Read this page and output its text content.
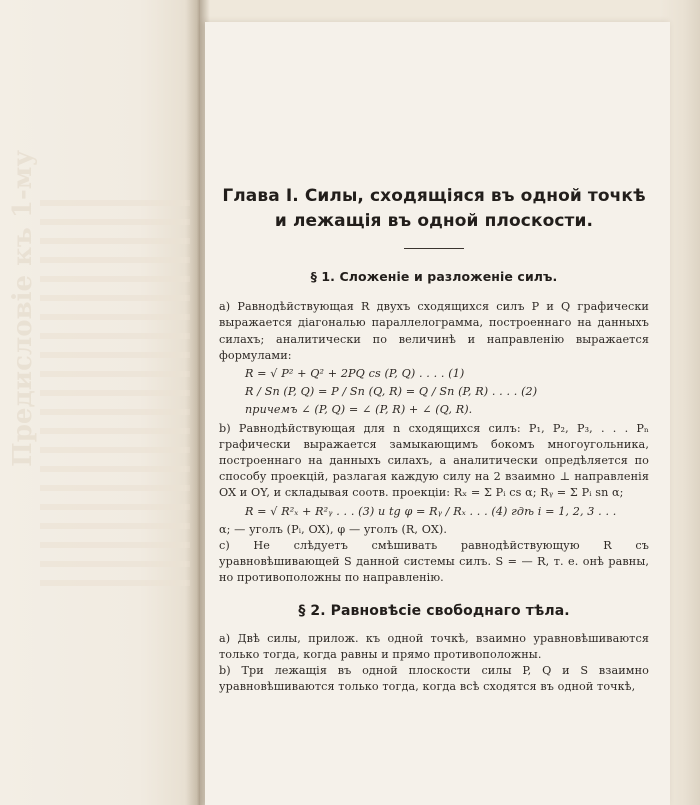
Предисловіе къ 1-му	Глава I. Силы, сходящіяся въ одной точкѣ и лежащія въ одной плоскости.
§ 1. Сложеніе и разложеніе силъ.

a) Равнодѣйствующая R двухъ сходящихся силъ P и Q графически выражается діагональю параллелограмма, построеннаго на данныхъ силахъ; аналитически по величинѣ и направленію выражается формулами:

R = √ P² + Q² + 2PQ cs (P, Q) . . . . (1)
R / Sn (P, Q) = P / Sn (Q, R) = Q / Sn (P, R) . . . . (2)
причемъ ∠ (P, Q) = ∠ (P, R) + ∠ (Q, R).

b) Равнодѣйствующая для n сходящихся силъ: P₁, P₂, P₃, . . . Pₙ графически выражается замыкающимъ бокомъ многоугольника, построеннаго на данныхъ силахъ, а аналитически опредѣляется по способу проекцій, разлагая каждую силу на 2 взаимно ⊥ направленія OX и OY, и складывая соотв. проекціи: Rₓ = Σ Pᵢ cs α; Rᵧ = Σ Pᵢ sn α;

R = √ R²ₓ + R²ᵧ . . . (3) и tg φ = Rᵧ / Rₓ . . . (4) гдѣ i = 1, 2, 3 . . .

α; — уголъ (Pᵢ, OX), φ — уголъ (R, OX).

c) Не слѣдуетъ смѣшивать равнодѣйствующую R съ уравновѣшивающей S данной системы силъ. S = — R, т. е. онѣ равны, но противоположны по направленію.

§ 2. Равновѣсіе свободнаго тѣла.

a) Двѣ силы, прилож. къ одной точкѣ, взаимно уравновѣшиваются только тогда, когда равны и прямо противоположны.

b) Три лежащія въ одной плоскости силы P, Q и S взаимно уравновѣшиваются только тогда, когда всѣ сходятся въ одной точкѣ,
